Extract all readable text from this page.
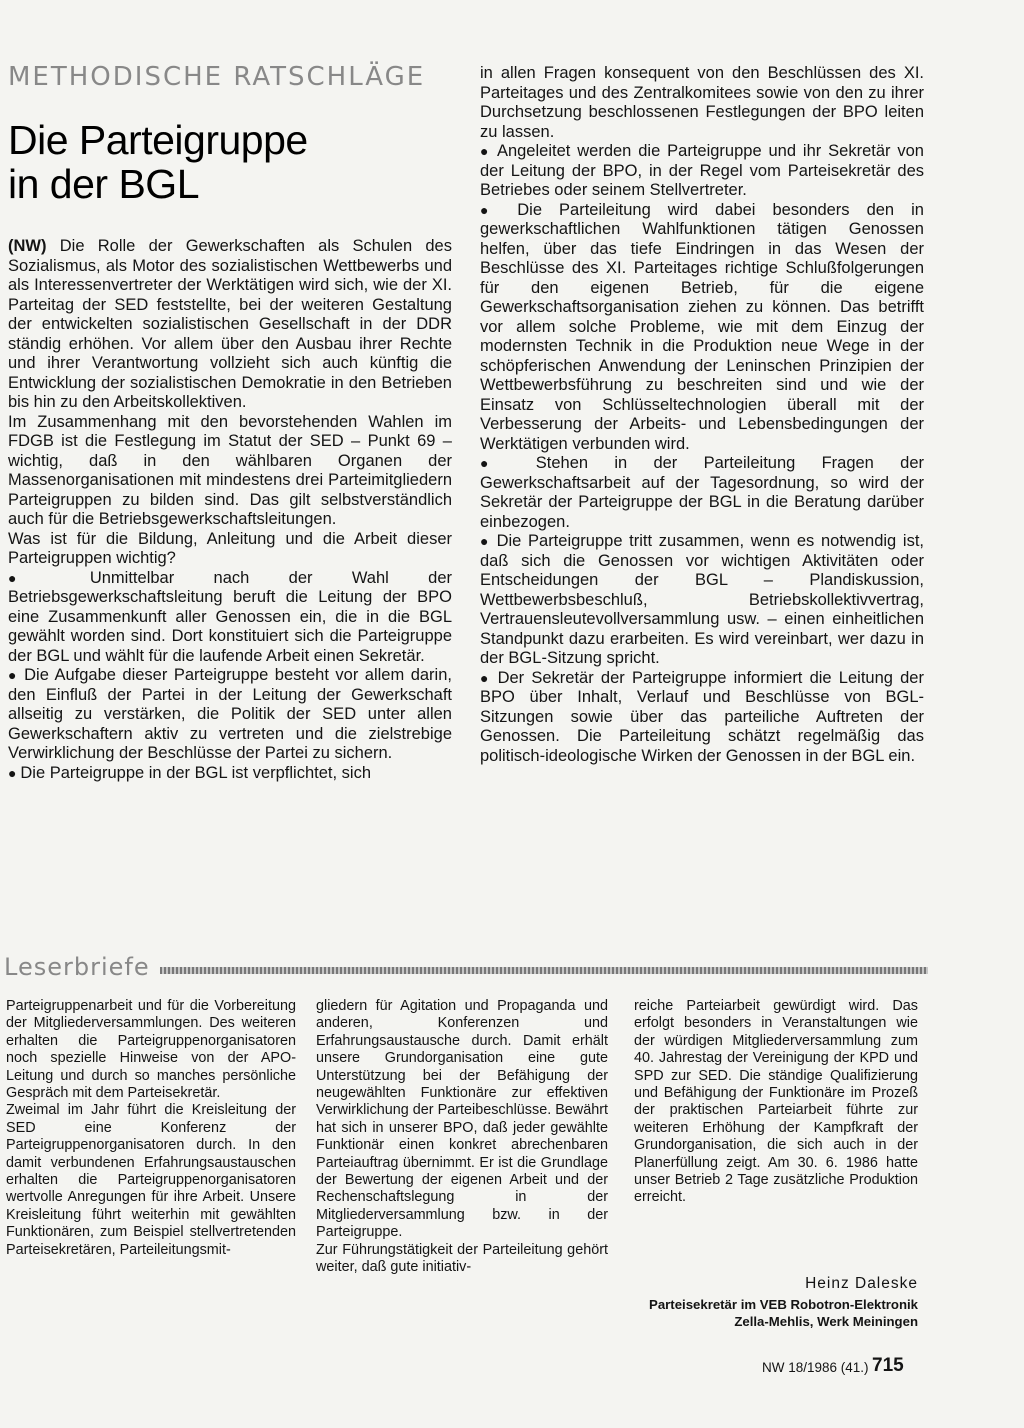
METHODISCHE RATSCHLÄGE
Die Parteigruppe
in der BGL

(NW) Die Rolle der Gewerkschaften als Schulen des Sozialismus, als Motor des sozialistischen Wettbewerbs und als Interessenvertreter der Werktätigen wird sich, wie der XI. Parteitag der SED feststellte, bei der weiteren Gestaltung der entwickelten sozialistischen Gesellschaft in der DDR ständig erhöhen. Vor allem über den Ausbau ihrer Rechte und ihrer Verantwortung vollzieht sich auch künftig die Entwicklung der sozialistischen Demokratie in den Betrieben bis hin zu den Arbeitskollektiven.

Im Zusammenhang mit den bevorstehenden Wahlen im FDGB ist die Festlegung im Statut der SED – Punkt 69 – wichtig, daß in den wählbaren Organen der Massenorganisationen mit mindestens drei Parteimitgliedern Parteigruppen zu bilden sind. Das gilt selbstverständlich auch für die Betriebsgewerkschaftsleitungen.

Was ist für die Bildung, Anleitung und die Arbeit dieser Parteigruppen wichtig?

● Unmittelbar nach der Wahl der Betriebsgewerkschaftsleitung beruft die Leitung der BPO eine Zusammenkunft aller Genossen ein, die in die BGL gewählt worden sind. Dort konstituiert sich die Parteigruppe der BGL und wählt für die laufende Arbeit einen Sekretär.

● Die Aufgabe dieser Parteigruppe besteht vor allem darin, den Einfluß der Partei in der Leitung der Gewerkschaft allseitig zu verstärken, die Politik der SED unter allen Gewerkschaftern aktiv zu vertreten und die zielstrebige Verwirklichung der Beschlüsse der Partei zu sichern.

● Die Parteigruppe in der BGL ist verpflichtet, sich

in allen Fragen konsequent von den Beschlüssen des XI. Parteitages und des Zentralkomitees sowie von den zu ihrer Durchsetzung beschlossenen Festlegungen der BPO leiten zu lassen.

● Angeleitet werden die Parteigruppe und ihr Sekretär von der Leitung der BPO, in der Regel vom Parteisekretär des Betriebes oder seinem Stellvertreter.

● Die Parteileitung wird dabei besonders den in gewerkschaftlichen Wahlfunktionen tätigen Genossen helfen, über das tiefe Eindringen in das Wesen der Beschlüsse des XI. Parteitages richtige Schlußfolgerungen für den eigenen Betrieb, für die eigene Gewerkschaftsorganisation ziehen zu können. Das betrifft vor allem solche Probleme, wie mit dem Einzug der modernsten Technik in die Produktion neue Wege in der schöpferischen Anwendung der Leninschen Prinzipien der Wettbewerbsführung zu beschreiten sind und wie der Einsatz von Schlüsseltechnologien überall mit der Verbesserung der Arbeits- und Lebensbedingungen der Werktätigen verbunden wird.

● Stehen in der Parteileitung Fragen der Gewerkschaftsarbeit auf der Tagesordnung, so wird der Sekretär der Parteigruppe der BGL in die Beratung darüber einbezogen.

● Die Parteigruppe tritt zusammen, wenn es notwendig ist, daß sich die Genossen vor wichtigen Aktivitäten oder Entscheidungen der BGL – Plandiskussion, Wettbewerbsbeschluß, Betriebskollektivvertrag, Vertrauensleutevollversammlung usw. – einen einheitlichen Standpunkt dazu erarbeiten. Es wird vereinbart, wer dazu in der BGL-Sitzung spricht.

● Der Sekretär der Parteigruppe informiert die Leitung der BPO über Inhalt, Verlauf und Beschlüsse von BGL-Sitzungen sowie über das parteiliche Auftreten der Genossen. Die Parteileitung schätzt regelmäßig das politisch-ideologische Wirken der Genossen in der BGL ein.

Leserbriefe

Parteigruppenarbeit und für die Vorbereitung der Mitgliederversammlungen. Des weiteren erhalten die Parteigruppenorganisatoren noch spezielle Hinweise von der APO-Leitung und durch so manches persönliche Gespräch mit dem Parteisekretär.

Zweimal im Jahr führt die Kreisleitung der SED eine Konferenz der Parteigruppenorganisatoren durch. In den damit verbundenen Erfahrungsaustauschen erhalten die Parteigruppenorganisatoren wertvolle Anregungen für ihre Arbeit. Unsere Kreisleitung führt weiterhin mit gewählten Funktionären, zum Beispiel stellvertretenden Parteisekretären, Parteileitungsmit-

gliedern für Agitation und Propaganda und anderen, Konferenzen und Erfahrungsaustausche durch. Damit erhält unsere Grundorganisation eine gute Unterstützung bei der Befähigung der neugewählten Funktionäre zur effektiven Verwirklichung der Parteibeschlüsse. Bewährt hat sich in unserer BPO, daß jeder gewählte Funktionär einen konkret abrechenbaren Parteiauftrag übernimmt. Er ist die Grundlage der Bewertung der eigenen Arbeit und der Rechenschaftslegung in der Mitgliederversammlung bzw. in der Parteigruppe.

Zur Führungstätigkeit der Parteileitung gehört weiter, daß gute initiativ-

reiche Parteiarbeit gewürdigt wird. Das erfolgt besonders in Veranstaltungen wie der würdigen Mitgliederversammlung zum 40. Jahrestag der Vereinigung der KPD und SPD zur SED. Die ständige Qualifizierung und Befähigung der Funktionäre im Prozeß der praktischen Parteiarbeit führte zur weiteren Erhöhung der Kampfkraft der Grundorganisation, die sich auch in der Planerfüllung zeigt. Am 30. 6. 1986 hatte unser Betrieb 2 Tage zusätzliche Produktion erreicht.

Heinz Daleske
Parteisekretär im VEB Robotron-Elektronik
Zella-Mehlis, Werk Meiningen
NW 18/1986 (41.) 715
